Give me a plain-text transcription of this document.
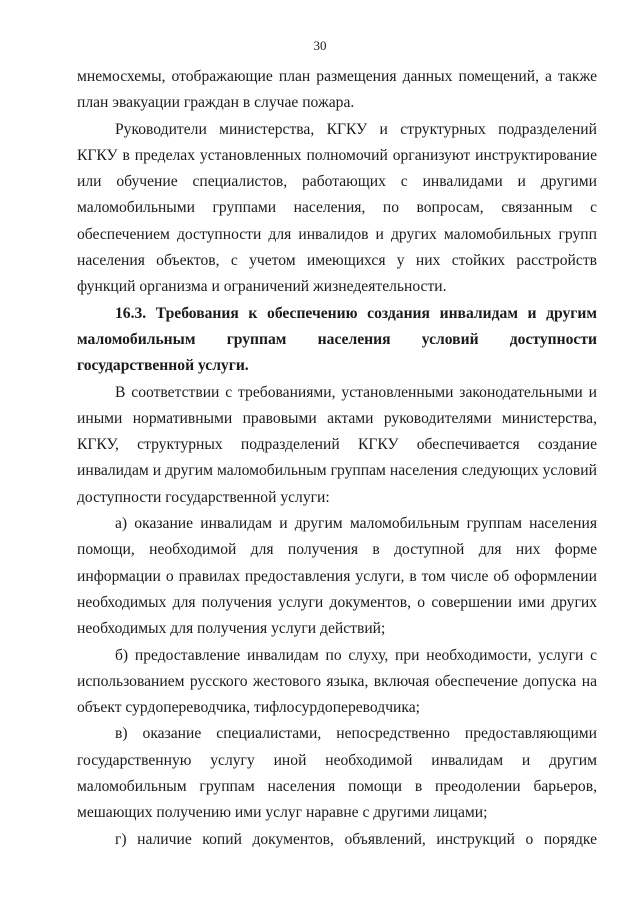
30

мнемосхемы, отображающие план размещения данных помещений, а также план эвакуации граждан в случае пожара.

Руководители министерства, КГКУ и структурных подразделений КГКУ в пределах установленных полномочий организуют инструктирование или обучение специалистов, работающих с инвалидами и другими маломобильными группами населения, по вопросам, связанным с обеспечением доступности для инвалидов и других маломобильных групп населения объектов, с учетом имеющихся у них стойких расстройств функций организма и ограничений жизнедеятельности.

16.3. Требования к обеспечению создания инвалидам и другим маломобильным группам населения условий доступности государственной услуги.

В соответствии с требованиями, установленными законодательными и иными нормативными правовыми актами руководителями министерства, КГКУ, структурных подразделений КГКУ обеспечивается создание инвалидам и другим маломобильным группам населения следующих условий доступности государственной услуги:

а) оказание инвалидам и другим маломобильным группам населения помощи, необходимой для получения в доступной для них форме информации о правилах предоставления услуги, в том числе об оформлении необходимых для получения услуги документов, о совершении ими других необходимых для получения услуги действий;

б) предоставление инвалидам по слуху, при необходимости, услуги с использованием русского жестового языка, включая обеспечение допуска на объект сурдопереводчика, тифлосурдопереводчика;

в) оказание специалистами, непосредственно предоставляющими государственную услугу иной необходимой инвалидам и другим маломобильным группам населения помощи в преодолении барьеров, мешающих получению ими услуг наравне с другими лицами;

г) наличие копий документов, объявлений, инструкций о порядке
